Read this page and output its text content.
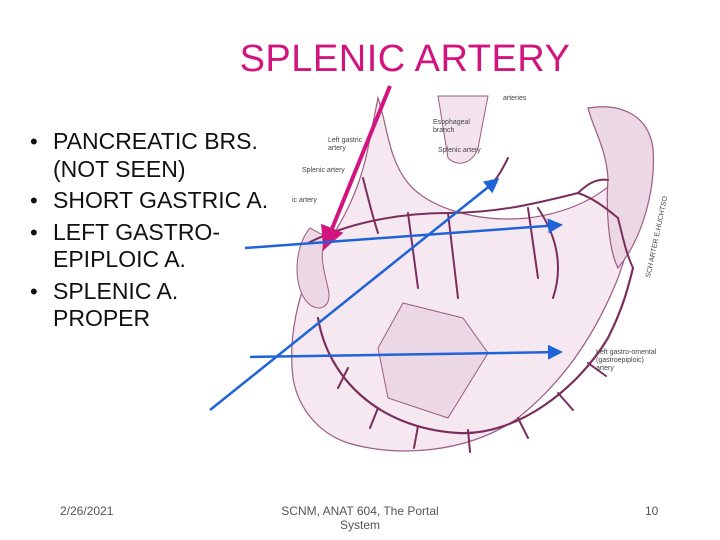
SPLENIC ARTERY
• PANCREATIC BRS. (NOT SEEN)
• SHORT GASTRIC A.
• LEFT GASTRO-EPIPLOIC A.
• SPLENIC A. PROPER
arteries
Left gastric
artery
Esophageal
branch
Splenic artery
Splenic artery
ic artery
Left gastro-omental
(gastroepiploic)
artery
SCH ARTER E.HUCHTSO
2/26/2021	SCNM, ANAT 604, The Portal System
10
